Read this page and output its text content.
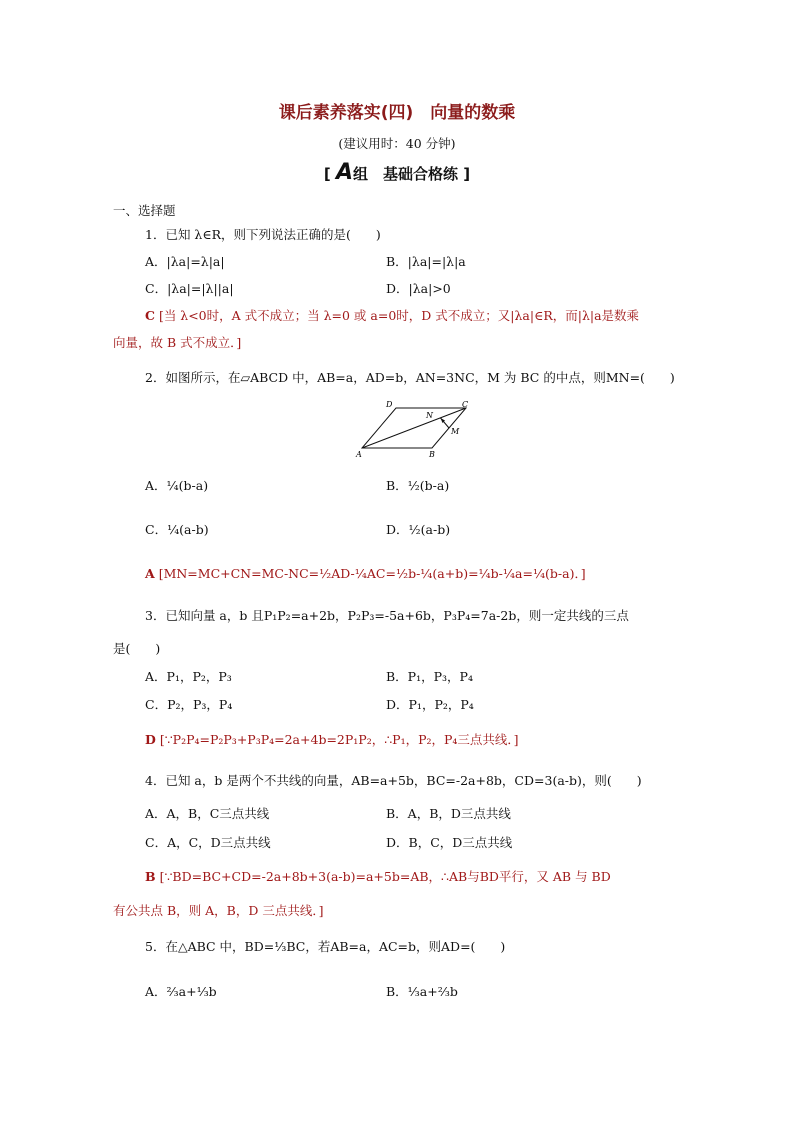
课后素养落实(四)　向量的数乘
(建议用时：40 分钟)
[ A组　基础合格练 ]
一、选择题
1．已知 λ∈R，则下列说法正确的是(　　)
A．|λa|=λ|a|	B．|λa|=|λ|a
C．|λa|=|λ||a|	D．|λa|>0
C [当 λ<0时，A 式不成立；当 λ=0 或 a=0时，D 式不成立；又|λa|∈R，而|λ|a是数乘
向量，故 B 式不成立．]
2．如图所示，在▱ABCD 中，AB=a，AD=b，AN=3NC，M 为 BC 的中点，则MN=(　　)
D	C
N
M
A	B
A．¼(b-a)	B．½(b-a)
C．¼(a-b)	D．½(a-b)
A [MN=MC+CN=MC-NC=½AD-¼AC=½b-¼(a+b)=¼b-¼a=¼(b-a)．]
3．已知向量 a，b 且P₁P₂=a+2b，P₂P₃=-5a+6b，P₃P₄=7a-2b，则一定共线的三点
是(　　)
A．P₁，P₂，P₃	B．P₁，P₃，P₄
C．P₂，P₃，P₄	D．P₁，P₂，P₄
D [∵P₂P₄=P₂P₃+P₃P₄=2a+4b=2P₁P₂，∴P₁，P₂，P₄三点共线．]
4．已知 a，b 是两个不共线的向量，AB=a+5b，BC=-2a+8b，CD=3(a-b)，则(　　)
A．A，B，C三点共线	B．A，B，D三点共线
C．A，C，D三点共线	D．B，C，D三点共线
B [∵BD=BC+CD=-2a+8b+3(a-b)=a+5b=AB，∴AB与BD平行，又 AB 与 BD
有公共点 B，则 A，B，D 三点共线．]
5．在△ABC 中，BD=⅓BC，若AB=a，AC=b，则AD=(　　)
A．⅔a+⅓b	B．⅓a+⅔b
